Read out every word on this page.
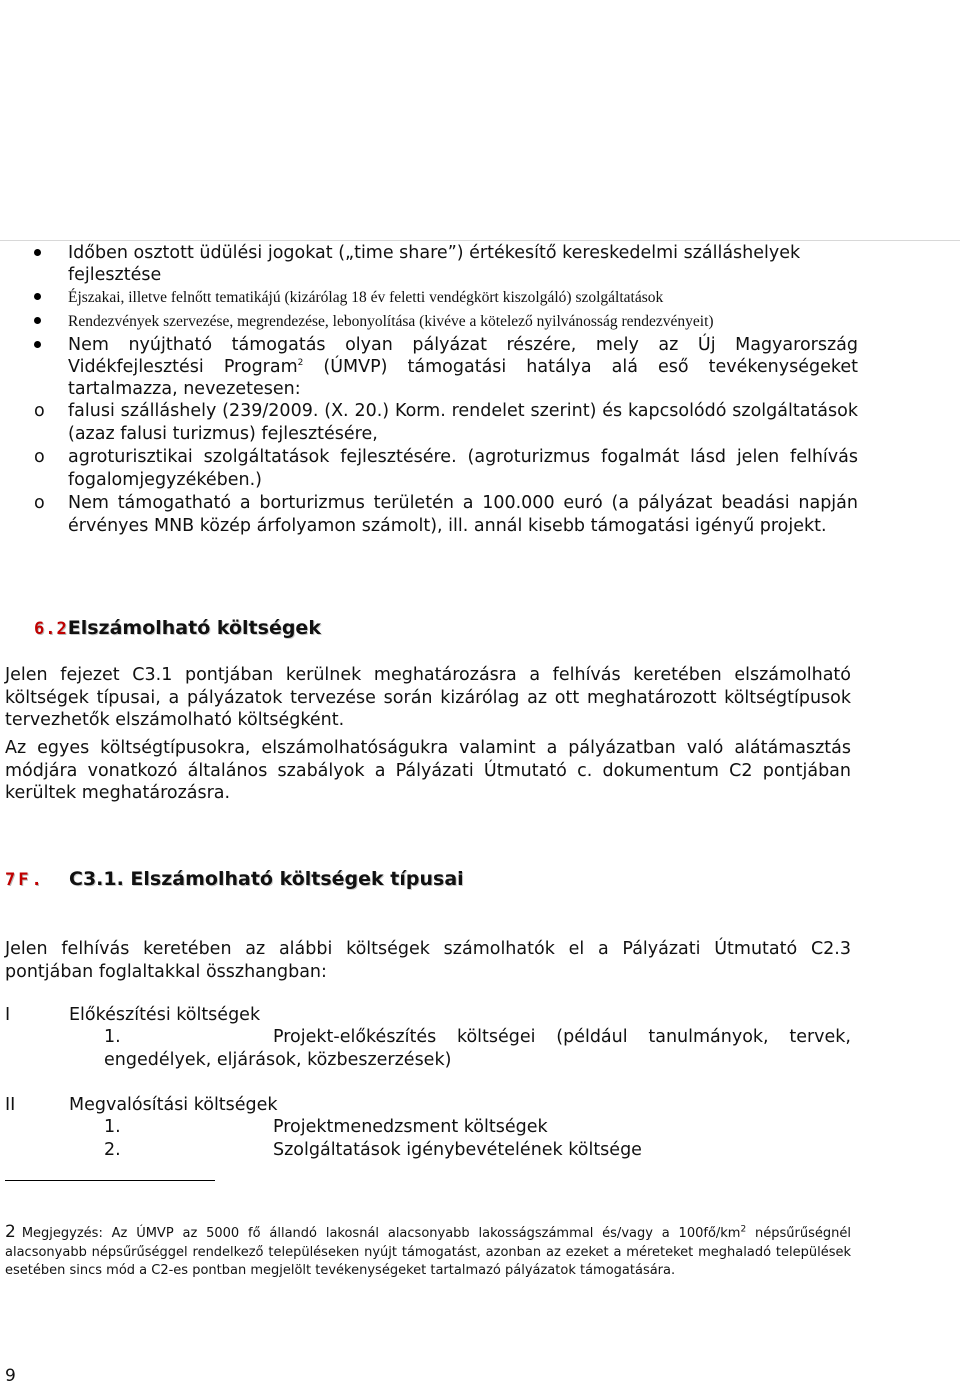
Időben osztott üdülési jogokat („time share”) értékesítő kereskedelmi szálláshelyek fejlesztése
Éjszakai, illetve felnőtt tematikájú (kizárólag 18 év feletti vendégkört kiszolgáló) szolgáltatások
Rendezvények szervezése, megrendezése, lebonyolítása (kivéve a kötelező nyilvánosság rendezvényeit)
Nem nyújtható támogatás olyan pályázat részére, mely az Új Magyarország Vidékfejlesztési Program$^2$ (ÚMVP) támogatási hatálya alá eső tevékenységeket tartalmazza, nevezetesen:
o falusi szálláshely (239/2009. (X. 20.) Korm. rendelet szerint) és kapcsolódó szolgáltatások (azaz falusi turizmus) fejlesztésére,
o agroturisztikai szolgáltatások fejlesztésére. (agroturizmus fogalmát lásd jelen felhívás fogalomjegyzékében.)
o Nem támogatható a borturizmus területén a 100.000 euró (a pályázat beadási napján érvényes MNB közép árfolyamon számolt), ill. annál kisebb támogatási igényű projekt.
6.2Elszámolható költségek
Jelen fejezet C3.1 pontjában kerülnek meghatározásra a felhívás keretében elszámolható költségek típusai, a pályázatok tervezése során kizárólag az ott meghatározott költségtípusok tervezhetők elszámolható költségként.
Az egyes költségtípusokra, elszámolhatóságukra valamint a pályázatban való alátámasztás módjára vonatkozó általános szabályok a Pályázati Útmutató c. dokumentum C2 pontjában kerültek meghatározásra.
7F. C3.1. Elszámolható költségek típusai
Jelen felhívás keretében az alábbi költségek számolhatók el a Pályázati Útmutató C2.3 pontjában foglaltakkal összhangban:
I	Előkészítési költségek
1.	Projekt-előkészítés költségei (például tanulmányok, tervek, engedélyek, eljárások, közbeszerzések)
II	Megvalósítási költségek
1.	Projektmenedzsment költségek
2.	Szolgáltatások igénybevételének költsége
2 Megjegyzés: Az ÚMVP az 5000 fő állandó lakosnál alacsonyabb lakosságszámmal és/vagy a $100fő/km^2$ népsűrűségnél alacsonyabb népsűrűséggel rendelkező településeken nyújt támogatást, azonban az ezeket a méreteket meghaladó települések esetében sincs mód a C2-es pontban megjelölt tevékenységeket tartalmazó pályázatok támogatására.
9
